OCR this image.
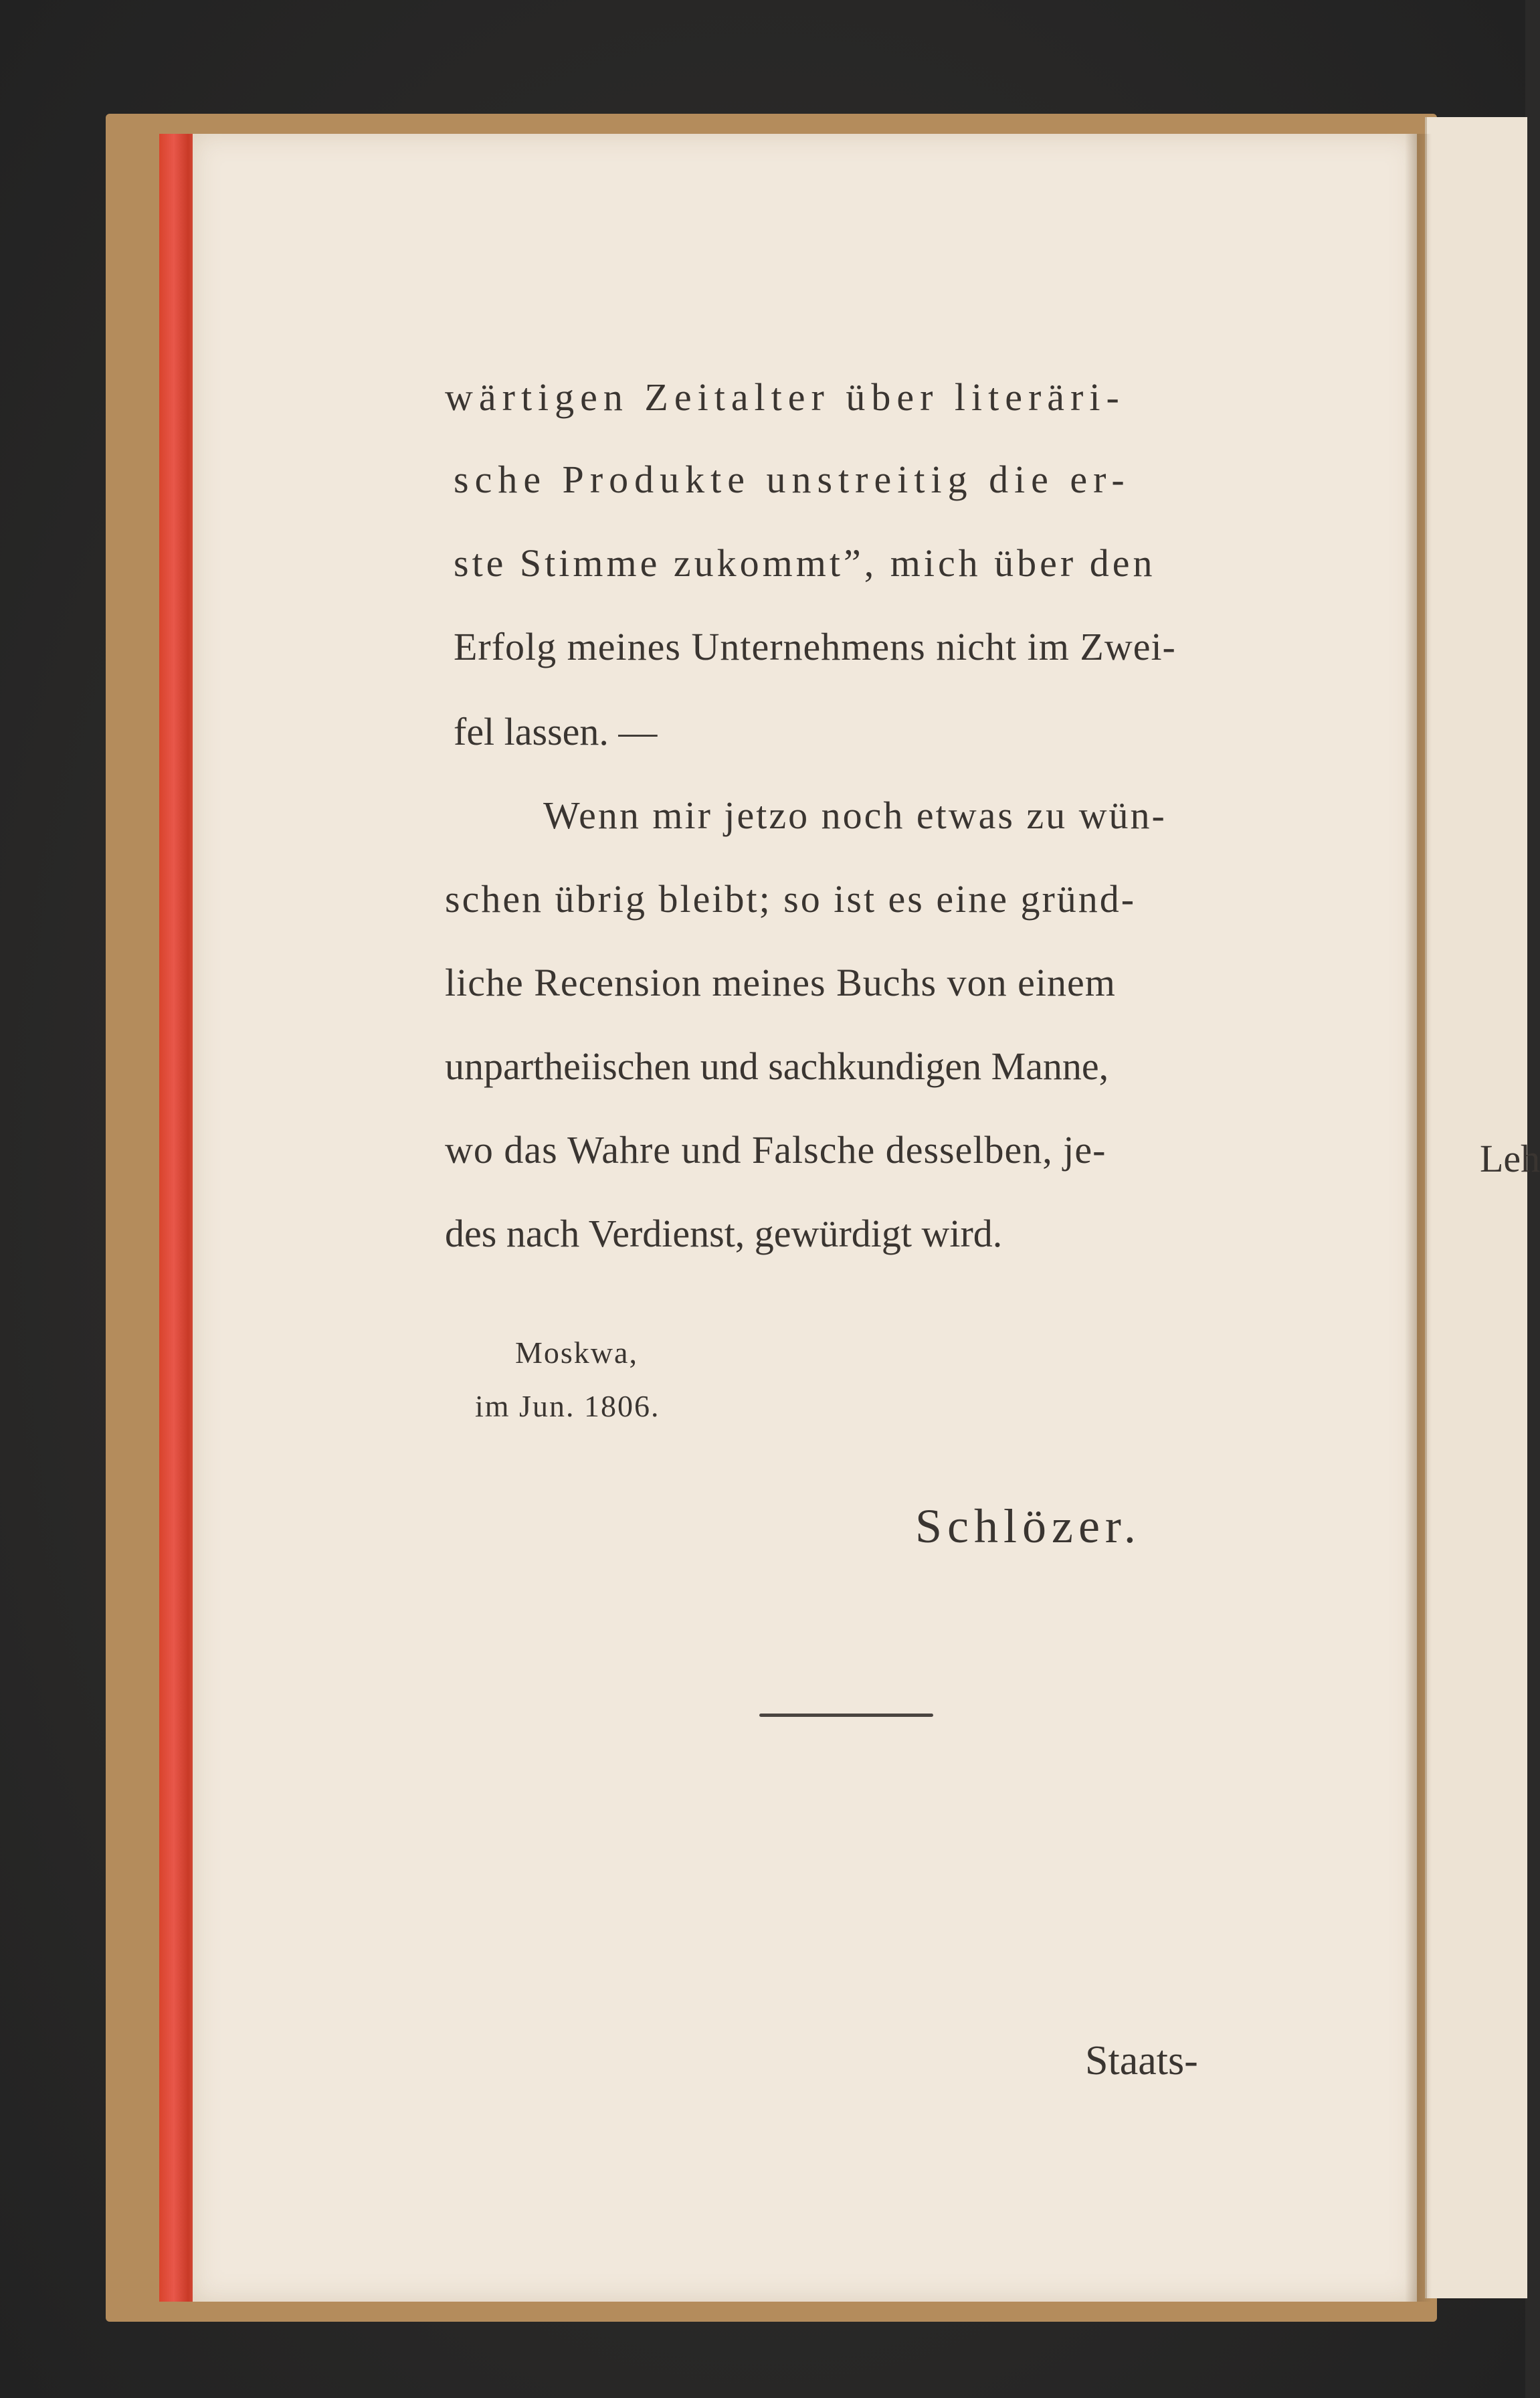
wärtigen Zeitalter über literäri-
sche Produkte unstreitig die er-
ste Stimme zukommt”, mich über den
Erfolg meines Unternehmens nicht im Zwei-
fel lassen. —
Wenn mir jetzo noch etwas zu wün-
schen übrig bleibt; so ist es eine gründ-
liche Recension meines Buchs von einem
unpartheiischen und sachkundigen Manne,
wo das Wahre und Falsche desselben, je-
des nach Verdienst, gewürdigt wird.
Moskwa,
im Jun. 1806.
Schlözer.
Staats-
Leh
